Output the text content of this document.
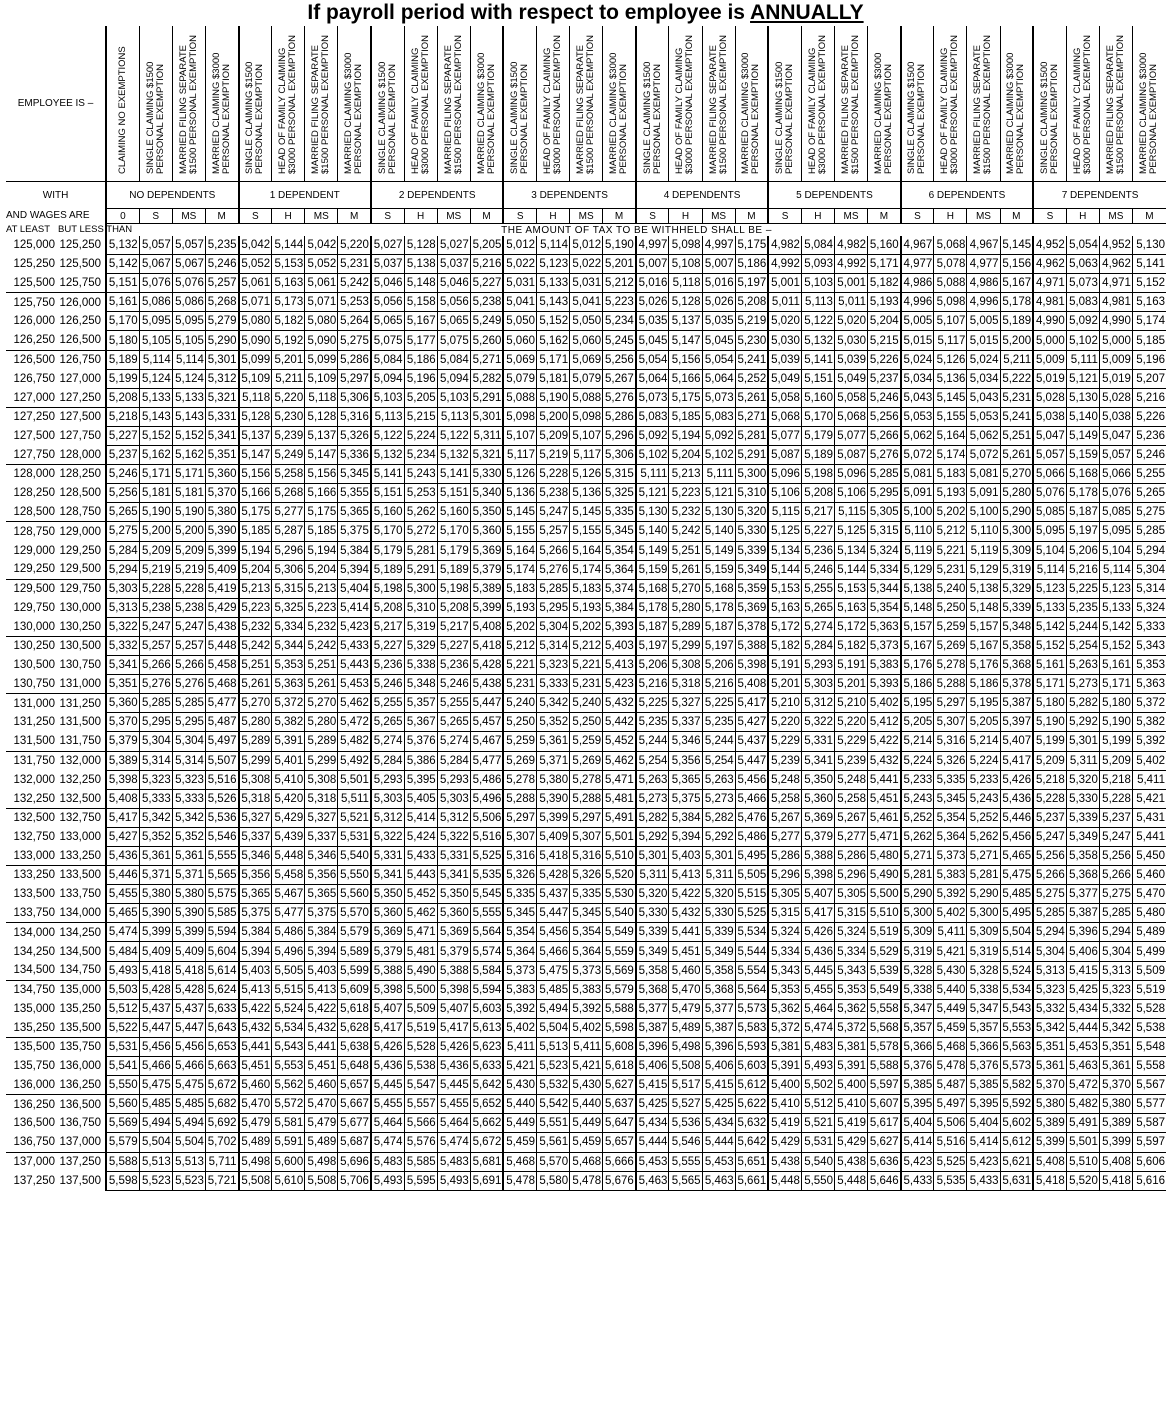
If payroll period with respect to employee is ANNUALLY
EMPLOYEE IS –		CLAIMING NO EXEMPTIONS	SINGLE CLAIMING $1500 PERSONAL EXEMPTION	MARRIED FILING SEPARATE $1500 PERSONAL EXEMPTION	MARRIED CLAIMING $3000 PERSONAL EXEMPTION	SINGLE CLAIMING $1500 PERSONAL EXEMPTION	HEAD OF FAMILY CLAIMING $3000 PERSONAL EXEMPTION	MARRIED FILING SEPARATE $1500 PERSONAL EXEMPTION	MARRIED CLAIMING $3000 PERSONAL EXEMPTION	SINGLE CLAIMING $1500 PERSONAL EXEMPTION	HEAD OF FAMILY CLAIMING $3000 PERSONAL EXEMPTION	MARRIED FILING SEPARATE $1500 PERSONAL EXEMPTION	MARRIED CLAIMING $3000 PERSONAL EXEMPTION	SINGLE CLAIMING $1500 PERSONAL EXEMPTION	HEAD OF FAMILY CLAIMING $3000 PERSONAL EXEMPTION	MARRIED FILING SEPARATE $1500 PERSONAL EXEMPTION	MARRIED CLAIMING $3000 PERSONAL EXEMPTION	SINGLE CLAIMING $1500 PERSONAL EXEMPTION	HEAD OF FAMILY CLAIMING $3000 PERSONAL EXEMPTION	MARRIED FILING SEPARATE $1500 PERSONAL EXEMPTION	MARRIED CLAIMING $3000 PERSONAL EXEMPTION	SINGLE CLAIMING $1500 PERSONAL EXEMPTION	HEAD OF FAMILY CLAIMING $3000 PERSONAL EXEMPTION	MARRIED FILING SEPARATE $1500 PERSONAL EXEMPTION	MARRIED CLAIMING $3000 PERSONAL EXEMPTION	SINGLE CLAIMING $1500 PERSONAL EXEMPTION	HEAD OF FAMILY CLAIMING $3000 PERSONAL EXEMPTION	MARRIED FILING SEPARATE $1500 PERSONAL EXEMPTION	MARRIED CLAIMING $3000 PERSONAL EXEMPTION	SINGLE CLAIMING $1500 PERSONAL EXEMPTION	HEAD OF FAMILY CLAIMING $3000 PERSONAL EXEMPTION	MARRIED FILING SEPARATE $1500 PERSONAL EXEMPTION	MARRIED CLAIMING $3000 PERSONAL EXEMPTION
WITH		NO DEPENDENTS				1 DEPENDENT				2 DEPENDENTS				3 DEPENDENTS				4 DEPENDENTS				5 DEPENDENTS				6 DEPENDENTS				7 DEPENDENTS			
AND WAGES ARE		0	S	MS	M	S	H	MS	M	S	H	MS	M	S	H	MS	M	S	H	MS	M	S	H	MS	M	S	H	MS	M	S	H	MS	M
AT LEAST	BUT LESS THAN	THE AMOUNT OF TAX TO BE WITHHELD SHALL BE –																															
125,000	125,250	5,132	5,057	5,057	5,235	5,042	5,144	5,042	5,220	5,027	5,128	5,027	5,205	5,012	5,114	5,012	5,190	4,997	5,098	4,997	5,175	4,982	5,084	4,982	5,160	4,967	5,068	4,967	5,145	4,952	5,054	4,952	5,130
125,250	125,500	5,142	5,067	5,067	5,246	5,052	5,153	5,052	5,231	5,037	5,138	5,037	5,216	5,022	5,123	5,022	5,201	5,007	5,108	5,007	5,186	4,992	5,093	4,992	5,171	4,977	5,078	4,977	5,156	4,962	5,063	4,962	5,141
125,500	125,750	5,151	5,076	5,076	5,257	5,061	5,163	5,061	5,242	5,046	5,148	5,046	5,227	5,031	5,133	5,031	5,212	5,016	5,118	5,016	5,197	5,001	5,103	5,001	5,182	4,986	5,088	4,986	5,167	4,971	5,073	4,971	5,152
125,750	126,000	5,161	5,086	5,086	5,268	5,071	5,173	5,071	5,253	5,056	5,158	5,056	5,238	5,041	5,143	5,041	5,223	5,026	5,128	5,026	5,208	5,011	5,113	5,011	5,193	4,996	5,098	4,996	5,178	4,981	5,083	4,981	5,163
126,000	126,250	5,170	5,095	5,095	5,279	5,080	5,182	5,080	5,264	5,065	5,167	5,065	5,249	5,050	5,152	5,050	5,234	5,035	5,137	5,035	5,219	5,020	5,122	5,020	5,204	5,005	5,107	5,005	5,189	4,990	5,092	4,990	5,174
126,250	126,500	5,180	5,105	5,105	5,290	5,090	5,192	5,090	5,275	5,075	5,177	5,075	5,260	5,060	5,162	5,060	5,245	5,045	5,147	5,045	5,230	5,030	5,132	5,030	5,215	5,015	5,117	5,015	5,200	5,000	5,102	5,000	5,185
126,500	126,750	5,189	5,114	5,114	5,301	5,099	5,201	5,099	5,286	5,084	5,186	5,084	5,271	5,069	5,171	5,069	5,256	5,054	5,156	5,054	5,241	5,039	5,141	5,039	5,226	5,024	5,126	5,024	5,211	5,009	5,111	5,009	5,196
126,750	127,000	5,199	5,124	5,124	5,312	5,109	5,211	5,109	5,297	5,094	5,196	5,094	5,282	5,079	5,181	5,079	5,267	5,064	5,166	5,064	5,252	5,049	5,151	5,049	5,237	5,034	5,136	5,034	5,222	5,019	5,121	5,019	5,207
127,000	127,250	5,208	5,133	5,133	5,321	5,118	5,220	5,118	5,306	5,103	5,205	5,103	5,291	5,088	5,190	5,088	5,276	5,073	5,175	5,073	5,261	5,058	5,160	5,058	5,246	5,043	5,145	5,043	5,231	5,028	5,130	5,028	5,216
127,250	127,500	5,218	5,143	5,143	5,331	5,128	5,230	5,128	5,316	5,113	5,215	5,113	5,301	5,098	5,200	5,098	5,286	5,083	5,185	5,083	5,271	5,068	5,170	5,068	5,256	5,053	5,155	5,053	5,241	5,038	5,140	5,038	5,226
127,500	127,750	5,227	5,152	5,152	5,341	5,137	5,239	5,137	5,326	5,122	5,224	5,122	5,311	5,107	5,209	5,107	5,296	5,092	5,194	5,092	5,281	5,077	5,179	5,077	5,266	5,062	5,164	5,062	5,251	5,047	5,149	5,047	5,236
127,750	128,000	5,237	5,162	5,162	5,351	5,147	5,249	5,147	5,336	5,132	5,234	5,132	5,321	5,117	5,219	5,117	5,306	5,102	5,204	5,102	5,291	5,087	5,189	5,087	5,276	5,072	5,174	5,072	5,261	5,057	5,159	5,057	5,246
128,000	128,250	5,246	5,171	5,171	5,360	5,156	5,258	5,156	5,345	5,141	5,243	5,141	5,330	5,126	5,228	5,126	5,315	5,111	5,213	5,111	5,300	5,096	5,198	5,096	5,285	5,081	5,183	5,081	5,270	5,066	5,168	5,066	5,255
128,250	128,500	5,256	5,181	5,181	5,370	5,166	5,268	5,166	5,355	5,151	5,253	5,151	5,340	5,136	5,238	5,136	5,325	5,121	5,223	5,121	5,310	5,106	5,208	5,106	5,295	5,091	5,193	5,091	5,280	5,076	5,178	5,076	5,265
128,500	128,750	5,265	5,190	5,190	5,380	5,175	5,277	5,175	5,365	5,160	5,262	5,160	5,350	5,145	5,247	5,145	5,335	5,130	5,232	5,130	5,320	5,115	5,217	5,115	5,305	5,100	5,202	5,100	5,290	5,085	5,187	5,085	5,275
128,750	129,000	5,275	5,200	5,200	5,390	5,185	5,287	5,185	5,375	5,170	5,272	5,170	5,360	5,155	5,257	5,155	5,345	5,140	5,242	5,140	5,330	5,125	5,227	5,125	5,315	5,110	5,212	5,110	5,300	5,095	5,197	5,095	5,285
129,000	129,250	5,284	5,209	5,209	5,399	5,194	5,296	5,194	5,384	5,179	5,281	5,179	5,369	5,164	5,266	5,164	5,354	5,149	5,251	5,149	5,339	5,134	5,236	5,134	5,324	5,119	5,221	5,119	5,309	5,104	5,206	5,104	5,294
129,250	129,500	5,294	5,219	5,219	5,409	5,204	5,306	5,204	5,394	5,189	5,291	5,189	5,379	5,174	5,276	5,174	5,364	5,159	5,261	5,159	5,349	5,144	5,246	5,144	5,334	5,129	5,231	5,129	5,319	5,114	5,216	5,114	5,304
129,500	129,750	5,303	5,228	5,228	5,419	5,213	5,315	5,213	5,404	5,198	5,300	5,198	5,389	5,183	5,285	5,183	5,374	5,168	5,270	5,168	5,359	5,153	5,255	5,153	5,344	5,138	5,240	5,138	5,329	5,123	5,225	5,123	5,314
129,750	130,000	5,313	5,238	5,238	5,429	5,223	5,325	5,223	5,414	5,208	5,310	5,208	5,399	5,193	5,295	5,193	5,384	5,178	5,280	5,178	5,369	5,163	5,265	5,163	5,354	5,148	5,250	5,148	5,339	5,133	5,235	5,133	5,324
130,000	130,250	5,322	5,247	5,247	5,438	5,232	5,334	5,232	5,423	5,217	5,319	5,217	5,408	5,202	5,304	5,202	5,393	5,187	5,289	5,187	5,378	5,172	5,274	5,172	5,363	5,157	5,259	5,157	5,348	5,142	5,244	5,142	5,333
130,250	130,500	5,332	5,257	5,257	5,448	5,242	5,344	5,242	5,433	5,227	5,329	5,227	5,418	5,212	5,314	5,212	5,403	5,197	5,299	5,197	5,388	5,182	5,284	5,182	5,373	5,167	5,269	5,167	5,358	5,152	5,254	5,152	5,343
130,500	130,750	5,341	5,266	5,266	5,458	5,251	5,353	5,251	5,443	5,236	5,338	5,236	5,428	5,221	5,323	5,221	5,413	5,206	5,308	5,206	5,398	5,191	5,293	5,191	5,383	5,176	5,278	5,176	5,368	5,161	5,263	5,161	5,353
130,750	131,000	5,351	5,276	5,276	5,468	5,261	5,363	5,261	5,453	5,246	5,348	5,246	5,438	5,231	5,333	5,231	5,423	5,216	5,318	5,216	5,408	5,201	5,303	5,201	5,393	5,186	5,288	5,186	5,378	5,171	5,273	5,171	5,363
131,000	131,250	5,360	5,285	5,285	5,477	5,270	5,372	5,270	5,462	5,255	5,357	5,255	5,447	5,240	5,342	5,240	5,432	5,225	5,327	5,225	5,417	5,210	5,312	5,210	5,402	5,195	5,297	5,195	5,387	5,180	5,282	5,180	5,372
131,250	131,500	5,370	5,295	5,295	5,487	5,280	5,382	5,280	5,472	5,265	5,367	5,265	5,457	5,250	5,352	5,250	5,442	5,235	5,337	5,235	5,427	5,220	5,322	5,220	5,412	5,205	5,307	5,205	5,397	5,190	5,292	5,190	5,382
131,500	131,750	5,379	5,304	5,304	5,497	5,289	5,391	5,289	5,482	5,274	5,376	5,274	5,467	5,259	5,361	5,259	5,452	5,244	5,346	5,244	5,437	5,229	5,331	5,229	5,422	5,214	5,316	5,214	5,407	5,199	5,301	5,199	5,392
131,750	132,000	5,389	5,314	5,314	5,507	5,299	5,401	5,299	5,492	5,284	5,386	5,284	5,477	5,269	5,371	5,269	5,462	5,254	5,356	5,254	5,447	5,239	5,341	5,239	5,432	5,224	5,326	5,224	5,417	5,209	5,311	5,209	5,402
132,000	132,250	5,398	5,323	5,323	5,516	5,308	5,410	5,308	5,501	5,293	5,395	5,293	5,486	5,278	5,380	5,278	5,471	5,263	5,365	5,263	5,456	5,248	5,350	5,248	5,441	5,233	5,335	5,233	5,426	5,218	5,320	5,218	5,411
132,250	132,500	5,408	5,333	5,333	5,526	5,318	5,420	5,318	5,511	5,303	5,405	5,303	5,496	5,288	5,390	5,288	5,481	5,273	5,375	5,273	5,466	5,258	5,360	5,258	5,451	5,243	5,345	5,243	5,436	5,228	5,330	5,228	5,421
132,500	132,750	5,417	5,342	5,342	5,536	5,327	5,429	5,327	5,521	5,312	5,414	5,312	5,506	5,297	5,399	5,297	5,491	5,282	5,384	5,282	5,476	5,267	5,369	5,267	5,461	5,252	5,354	5,252	5,446	5,237	5,339	5,237	5,431
132,750	133,000	5,427	5,352	5,352	5,546	5,337	5,439	5,337	5,531	5,322	5,424	5,322	5,516	5,307	5,409	5,307	5,501	5,292	5,394	5,292	5,486	5,277	5,379	5,277	5,471	5,262	5,364	5,262	5,456	5,247	5,349	5,247	5,441
133,000	133,250	5,436	5,361	5,361	5,555	5,346	5,448	5,346	5,540	5,331	5,433	5,331	5,525	5,316	5,418	5,316	5,510	5,301	5,403	5,301	5,495	5,286	5,388	5,286	5,480	5,271	5,373	5,271	5,465	5,256	5,358	5,256	5,450
133,250	133,500	5,446	5,371	5,371	5,565	5,356	5,458	5,356	5,550	5,341	5,443	5,341	5,535	5,326	5,428	5,326	5,520	5,311	5,413	5,311	5,505	5,296	5,398	5,296	5,490	5,281	5,383	5,281	5,475	5,266	5,368	5,266	5,460
133,500	133,750	5,455	5,380	5,380	5,575	5,365	5,467	5,365	5,560	5,350	5,452	5,350	5,545	5,335	5,437	5,335	5,530	5,320	5,422	5,320	5,515	5,305	5,407	5,305	5,500	5,290	5,392	5,290	5,485	5,275	5,377	5,275	5,470
133,750	134,000	5,465	5,390	5,390	5,585	5,375	5,477	5,375	5,570	5,360	5,462	5,360	5,555	5,345	5,447	5,345	5,540	5,330	5,432	5,330	5,525	5,315	5,417	5,315	5,510	5,300	5,402	5,300	5,495	5,285	5,387	5,285	5,480
134,000	134,250	5,474	5,399	5,399	5,594	5,384	5,486	5,384	5,579	5,369	5,471	5,369	5,564	5,354	5,456	5,354	5,549	5,339	5,441	5,339	5,534	5,324	5,426	5,324	5,519	5,309	5,411	5,309	5,504	5,294	5,396	5,294	5,489
134,250	134,500	5,484	5,409	5,409	5,604	5,394	5,496	5,394	5,589	5,379	5,481	5,379	5,574	5,364	5,466	5,364	5,559	5,349	5,451	5,349	5,544	5,334	5,436	5,334	5,529	5,319	5,421	5,319	5,514	5,304	5,406	5,304	5,499
134,500	134,750	5,493	5,418	5,418	5,614	5,403	5,505	5,403	5,599	5,388	5,490	5,388	5,584	5,373	5,475	5,373	5,569	5,358	5,460	5,358	5,554	5,343	5,445	5,343	5,539	5,328	5,430	5,328	5,524	5,313	5,415	5,313	5,509
134,750	135,000	5,503	5,428	5,428	5,624	5,413	5,515	5,413	5,609	5,398	5,500	5,398	5,594	5,383	5,485	5,383	5,579	5,368	5,470	5,368	5,564	5,353	5,455	5,353	5,549	5,338	5,440	5,338	5,534	5,323	5,425	5,323	5,519
135,000	135,250	5,512	5,437	5,437	5,633	5,422	5,524	5,422	5,618	5,407	5,509	5,407	5,603	5,392	5,494	5,392	5,588	5,377	5,479	5,377	5,573	5,362	5,464	5,362	5,558	5,347	5,449	5,347	5,543	5,332	5,434	5,332	5,528
135,250	135,500	5,522	5,447	5,447	5,643	5,432	5,534	5,432	5,628	5,417	5,519	5,417	5,613	5,402	5,504	5,402	5,598	5,387	5,489	5,387	5,583	5,372	5,474	5,372	5,568	5,357	5,459	5,357	5,553	5,342	5,444	5,342	5,538
135,500	135,750	5,531	5,456	5,456	5,653	5,441	5,543	5,441	5,638	5,426	5,528	5,426	5,623	5,411	5,513	5,411	5,608	5,396	5,498	5,396	5,593	5,381	5,483	5,381	5,578	5,366	5,468	5,366	5,563	5,351	5,453	5,351	5,548
135,750	136,000	5,541	5,466	5,466	5,663	5,451	5,553	5,451	5,648	5,436	5,538	5,436	5,633	5,421	5,523	5,421	5,618	5,406	5,508	5,406	5,603	5,391	5,493	5,391	5,588	5,376	5,478	5,376	5,573	5,361	5,463	5,361	5,558
136,000	136,250	5,550	5,475	5,475	5,672	5,460	5,562	5,460	5,657	5,445	5,547	5,445	5,642	5,430	5,532	5,430	5,627	5,415	5,517	5,415	5,612	5,400	5,502	5,400	5,597	5,385	5,487	5,385	5,582	5,370	5,472	5,370	5,567
136,250	136,500	5,560	5,485	5,485	5,682	5,470	5,572	5,470	5,667	5,455	5,557	5,455	5,652	5,440	5,542	5,440	5,637	5,425	5,527	5,425	5,622	5,410	5,512	5,410	5,607	5,395	5,497	5,395	5,592	5,380	5,482	5,380	5,577
136,500	136,750	5,569	5,494	5,494	5,692	5,479	5,581	5,479	5,677	5,464	5,566	5,464	5,662	5,449	5,551	5,449	5,647	5,434	5,536	5,434	5,632	5,419	5,521	5,419	5,617	5,404	5,506	5,404	5,602	5,389	5,491	5,389	5,587
136,750	137,000	5,579	5,504	5,504	5,702	5,489	5,591	5,489	5,687	5,474	5,576	5,474	5,672	5,459	5,561	5,459	5,657	5,444	5,546	5,444	5,642	5,429	5,531	5,429	5,627	5,414	5,516	5,414	5,612	5,399	5,501	5,399	5,597
137,000	137,250	5,588	5,513	5,513	5,711	5,498	5,600	5,498	5,696	5,483	5,585	5,483	5,681	5,468	5,570	5,468	5,666	5,453	5,555	5,453	5,651	5,438	5,540	5,438	5,636	5,423	5,525	5,423	5,621	5,408	5,510	5,408	5,606
137,250	137,500	5,598	5,523	5,523	5,721	5,508	5,610	5,508	5,706	5,493	5,595	5,493	5,691	5,478	5,580	5,478	5,676	5,463	5,565	5,463	5,661	5,448	5,550	5,448	5,646	5,433	5,535	5,433	5,631	5,418	5,520	5,418	5,616
